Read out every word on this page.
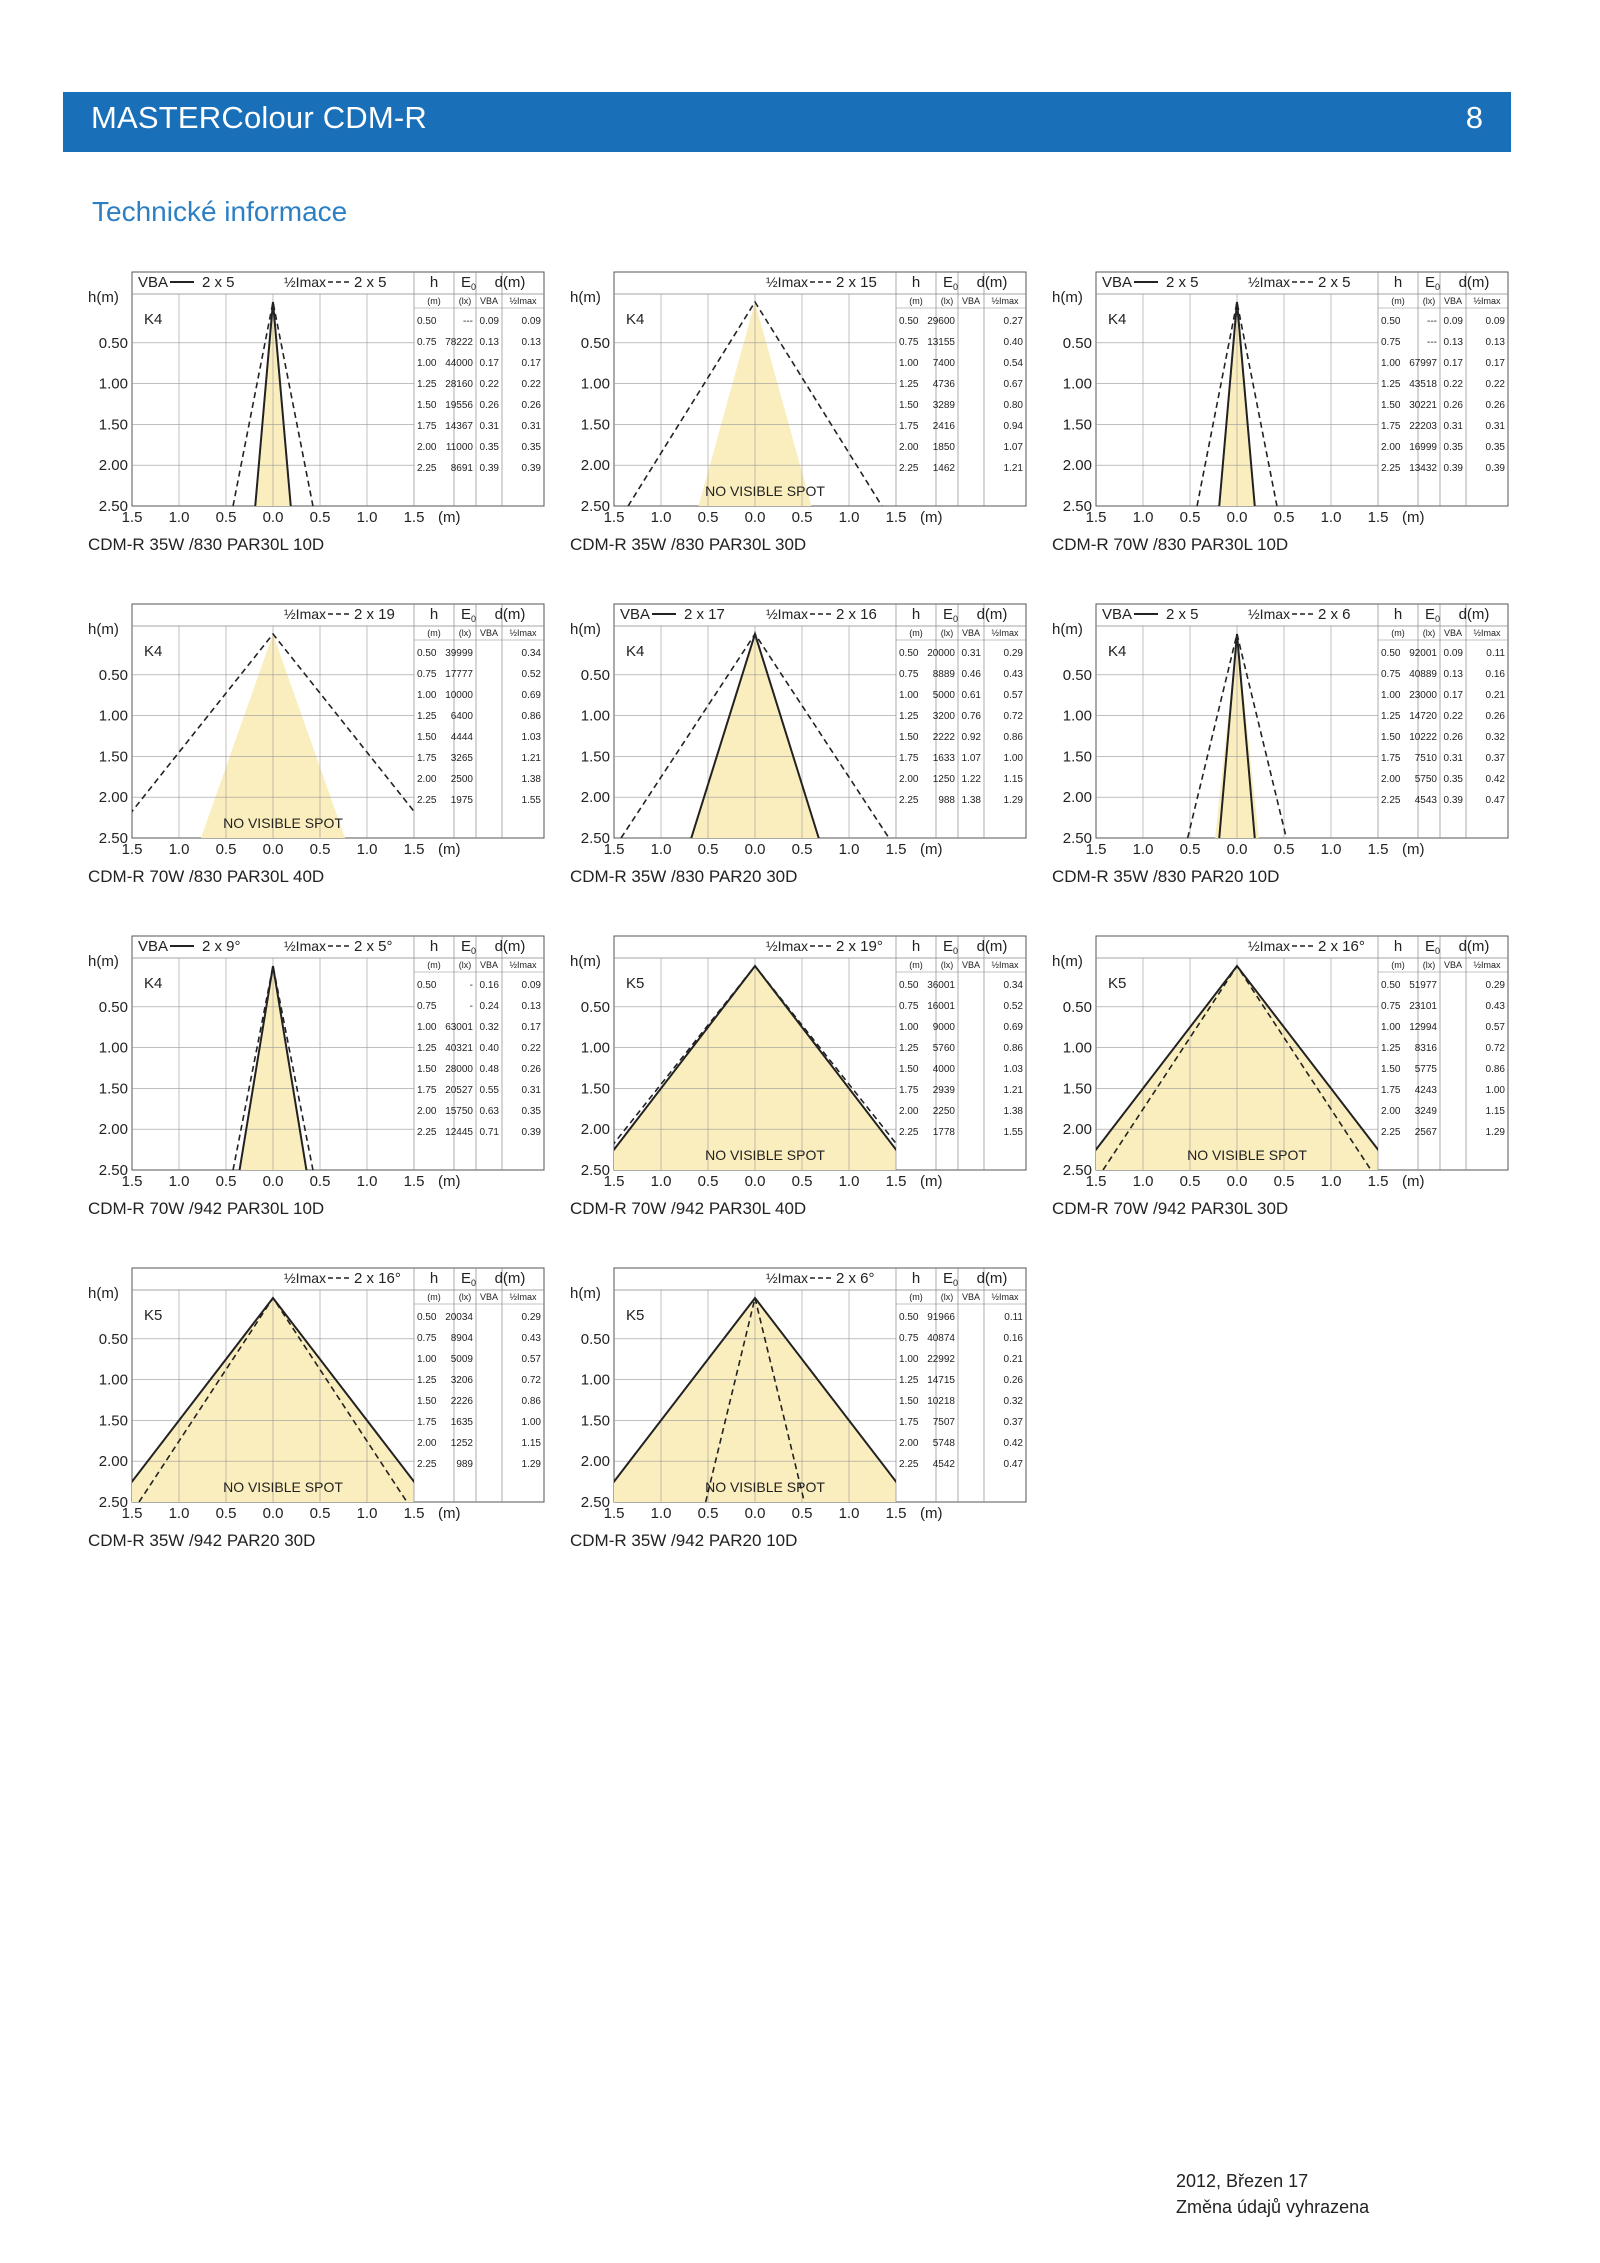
MASTERColour CDM-R	8
Technické informace
VBA 2 x 5	½Imax 2 x 5	h E 0 d(m)
(m) (lx) VBA ½Imax
K4	0.50	--- 0.09 0.09
0.75 78222 0.13 0.13
1.00 44000 0.17 0.17
1.25 28160 0.22 0.22
1.50 19556 0.26 0.26
1.75 14367 0.31 0.31
2.00 11000 0.35 0.35
2.25 8691 0.39 0.39
h(m)
0.50
1.00
1.50
2.00
2.50
1.5 1.0 0.5 0.0 0.5 1.0 1.5 (m)
CDM-R 35W /830 PAR30L 10D
½Imax 2 x 15 h E 0 d(m)
(m) (lx) VBA ½Imax
K4	0.50 29600	0.27
0.75 13155	0.40
1.00 7400	0.54
1.25 4736	0.67
1.50 3289	0.80
1.75 2416	0.94
2.00 1850	1.07
2.25 1462	1.21
NO VISIBLE SPOT
h(m)
0.50
1.00
1.50
2.00
2.50
1.5 1.0 0.5 0.0 0.5 1.0 1.5 (m)
CDM-R 35W /830 PAR30L 30D
VBA 2 x 5	½Imax 2 x 5	h E 0 d(m)
(m) (lx) VBA ½Imax
K4	0.50	--- 0.09 0.09
0.75	--- 0.13 0.13
1.00 67997 0.17 0.17
1.25 43518 0.22 0.22
1.50 30221 0.26 0.26
1.75 22203 0.31 0.31
2.00 16999 0.35 0.35
2.25 13432 0.39 0.39
h(m)
0.50
1.00
1.50
2.00
2.50
1.5 1.0 0.5 0.0 0.5 1.0 1.5 (m)
CDM-R 70W /830 PAR30L 10D
½Imax 2 x 19 h E 0 d(m)
(m) (lx) VBA ½Imax
K4	0.50 39999	0.34
0.75 17777	0.52
1.00 10000	0.69
1.25 6400	0.86
1.50 4444	1.03
1.75 3265	1.21
2.00 2500	1.38
2.25 1975	1.55
NO VISIBLE SPOT
h(m)
0.50
1.00
1.50
2.00
2.50
1.5 1.0 0.5 0.0 0.5 1.0 1.5 (m)
CDM-R 70W /830 PAR30L 40D
VBA 2 x 17	½Imax 2 x 16 h E 0 d(m)
(m) (lx) VBA ½Imax
K4	0.50 20000 0.31 0.29
0.75 8889 0.46 0.43
1.00 5000 0.61 0.57
1.25 3200 0.76 0.72
1.50 2222 0.92 0.86
1.75 1633 1.07 1.00
2.00 1250 1.22 1.15
2.25 988 1.38 1.29
h(m)
0.50
1.00
1.50
2.00
2.50
1.5 1.0 0.5 0.0 0.5 1.0 1.5 (m)
CDM-R 35W /830 PAR20 30D
VBA 2 x 5	½Imax 2 x 6	h E 0 d(m)
(m) (lx) VBA ½Imax
K4	0.50 92001 0.09 0.11
0.75 40889 0.13 0.16
1.00 23000 0.17 0.21
1.25 14720 0.22 0.26
1.50 10222 0.26 0.32
1.75 7510 0.31 0.37
2.00 5750 0.35 0.42
2.25 4543 0.39 0.47
h(m)
0.50
1.00
1.50
2.00
2.50
1.5 1.0 0.5 0.0 0.5 1.0 1.5 (m)
CDM-R 35W /830 PAR20 10D
VBA 2 x 9°	½Imax 2 x 5° h E 0 d(m)
(m) (lx) VBA ½Imax
K4	0.50	- 0.16 0.09
0.75	- 0.24 0.13
1.00 63001 0.32 0.17
1.25 40321 0.40 0.22
1.50 28000 0.48 0.26
1.75 20527 0.55 0.31
2.00 15750 0.63 0.35
2.25 12445 0.71 0.39
h(m)
0.50
1.00
1.50
2.00
2.50
1.5 1.0 0.5 0.0 0.5 1.0 1.5 (m)
CDM-R 70W /942 PAR30L 10D
½Imax 2 x 19° h E 0 d(m)
(m) (lx) VBA ½Imax
K5	0.50 36001	0.34
0.75 16001	0.52
1.00 9000	0.69
1.25 5760	0.86
1.50 4000	1.03
1.75 2939	1.21
2.00 2250	1.38
2.25 1778	1.55
NO VISIBLE SPOT
h(m)
0.50
1.00
1.50
2.00
2.50
1.5 1.0 0.5 0.0 0.5 1.0 1.5 (m)
CDM-R 70W /942 PAR30L 40D
½Imax 2 x 16° h E 0 d(m)
(m) (lx) VBA ½Imax
K5	0.50 51977	0.29
0.75 23101	0.43
1.00 12994	0.57
1.25 8316	0.72
1.50 5775	0.86
1.75 4243	1.00
2.00 3249	1.15
2.25 2567	1.29
NO VISIBLE SPOT
h(m)
0.50
1.00
1.50
2.00
2.50
1.5 1.0 0.5 0.0 0.5 1.0 1.5 (m)
CDM-R 70W /942 PAR30L 30D
½Imax 2 x 16° h E 0 d(m)
(m) (lx) VBA ½Imax
K5	0.50 20034	0.29
0.75 8904	0.43
1.00 5009	0.57
1.25 3206	0.72
1.50 2226	0.86
1.75 1635	1.00
2.00 1252	1.15
2.25 989	1.29
NO VISIBLE SPOT
h(m)
0.50
1.00
1.50
2.00
2.50
1.5 1.0 0.5 0.0 0.5 1.0 1.5 (m)
CDM-R 35W /942 PAR20 30D
½Imax 2 x 6° h E 0 d(m)
(m) (lx) VBA ½Imax
K5	0.50 91966	0.11
0.75 40874	0.16
1.00 22992	0.21
1.25 14715	0.26
1.50 10218	0.32
1.75 7507	0.37
2.00 5748	0.42
2.25 4542	0.47
NO VISIBLE SPOT
h(m)
0.50
1.00
1.50
2.00
2.50
1.5 1.0 0.5 0.0 0.5 1.0 1.5 (m)
CDM-R 35W /942 PAR20 10D
2012, Březen 17
Změna údajů vyhrazena
